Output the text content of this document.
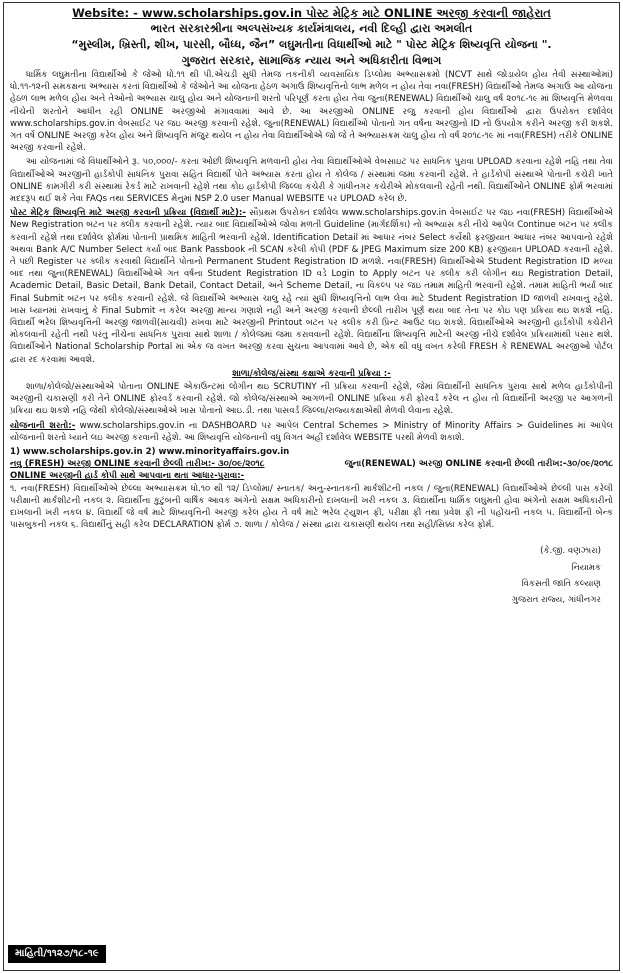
Website: - www.scholarships.gov.in પોસ્ટ મેટ્રિક માટે ONLINE અરજી કરવાની જાહેરાત
ભારત સરકારશ્રીના અલ્પસંખ્યક કાર્યમંત્રાલય, નવી દિલ્હી દ્વારા અમલીત
“મુસ્લીમ, ખ્રિસ્તી, શીખ, પારસી, બૌધ્ધ, જૈન” લઘુમતીના વિધાર્થીઓ માટે " પોસ્ટ મેટ્રિક શિષ્યવૃત્તિ યોજના ".
ગુજરાત સરકાર, સામાજિક ન્યાય અને અધિકારીતા વિભાગ

ધાર્મિક લઘુમતીના વિદ્યાર્થીઓ કે જેઓ ધો.૧૧ થી પી.એચડી સુધી તેમજ તકનીકી વ્યવસાયિક ડિપ્લોમા અભ્યાસક્રમો (NCVT સાથે જોડાયેલ હોય તેવી સંસ્થાઓમાં) ધો.૧૧-૧૨ની સમકક્ષના અભ્યાસ કરતાં વિદ્યાર્થીઓ કે જેઓને આ યોજના હેઠળ અગાઉ શિષ્યવૃત્તિનો લાભ મળેલ ન હોય તેવા નવા(FRESH) વિદ્યાર્થીઓ તેમજ અગાઉ આ યોજના હેઠળ લાભ મળેલ હોય અને તેઓનો અભ્યાસ ચાલુ હોય અને યોજનાની શરતો પરિપૂર્ણ કરતા હોય તેવા જુના(RENEWAL) વિદ્યાર્થીઓ ચાલુ વર્ષ ૨૦૧૮-૧૯ માં શિષ્યવૃત્તિ મેળવવા નીચેની શરતોને આધીન રહી ONLINE અરજીઓ મંગાવવામાં આવે છે. આ અરજીઓ ONLINE રજુ કરવાની હોય વિદ્યાર્થીઓ દ્વારા ઉપરોક્ત દર્શાવેલ www.scholarships.gov.in વેબસાઈટ પર જઇ અરજી કરવાની રહેશે. જુના(RENEWAL) વિદ્યાર્થીઓ પોતાનો ગત વર્ષના અરજીનો ID નો ઉપયોગ કરીને અરજી કરી શકશે. ગત વર્ષે ONLINE અરજી કરેલ હોય અને શિષ્યવૃત્તિ મંજુર થયેલ ન હોય તેવા વિદ્યાર્થીઓએ જો જે તે અભ્યાસક્રમ ચાલુ હોય તો વર્ષ ૨૦૧૮-૧૯ માં નવા(FRESH) તરીકે ONLINE અરજી કરવાની રહેશે.

આ યોજનામાં જે વિધાર્થીઓને રૂ. ૫૦,૦૦૦/- કરતા ઓછી શિષ્યવૃત્તિ મળવાની હોય તેવા વિદ્યાર્થીઓએ વેબસાઇટ પર સાધનિક પુરાવા UPLOAD કરવાના રહેશે નહિ તથા તેવા વિદ્યાર્થીઓએ અરજીની હાર્ડકોપી સાધનિક પુરાવા સહિત વિદ્યાર્થી પોતે અભ્યાસ કરતા હોય તે કોલેજ / સંસ્થામાં જમા કરવાની રહેશે. તે હાર્ડકોપી સંસ્થાએ પોતાની કચેરી ખાતે ONLINE કામગીરી કરી સંસ્થામાં રેકર્ડ માટે રાખવાની રહેશે તથા કોઇ હાર્ડકોપી જિલ્લા કચેરી કે ગાંધીનગર કચેરીએ મોકલવાની રહેતી નથી. વિદ્યાર્થીઓને ONLINE ફોર્મ ભરવામાં મદદરૂપ થઈ શકે તેવા FAQs તથા SERVICES મેનુમાં NSP 2.0 user Manual WEBSITE પર UPLOAD કરેલ છે.

પોસ્ટ મેટ્રિક શિષ્યવૃત્તિ માટે અરજી કરવાની પ્રક્રિયા (વિદ્યાર્થી માટે):- સૌપ્રથમ ઉપરોક્ત દર્શાવેલ www.scholarships.gov.in વેબસાઈટ પર જઇ નવા(FRESH) વિદ્યાર્થીઓએ New Registration બટન પર ક્લીક કરવાની રહેશે. ત્યાર બાદ વિદ્યાર્થીઓએ જોવા મળતી Guideline (માર્ગદર્શિકા) નો અભ્યાસ કરી નીચે આપેલ Continue બટન પર ક્લીક કરવાની રહેશે તથા દર્શાવેલ ફોર્મમાં પોતાની પ્રાથમિક માહિતી ભરવાની રહેશે. Identification Detail માં આધાર નંબર Select કર્યેથી ફરજીયાત આધાર નંબર આપવાનો રહેશે અથવા Bank A/C Number Select કર્યા બાદ Bank Passbook ની SCAN કરેલી કોપી (PDF & JPEG Maximum size 200 KB) ફરજીયાત UPLOAD કરવાની રહેશે. તે પછી Register પર ક્લીક કરવાથી વિદ્યાર્થીને પોતાનો Permanent Student Registration ID મળશે. નવા(FRESH) વિદ્યાર્થીઓએ Student Registration ID મળ્યા બાદ તથા જુના(RENEWAL) વિદ્યાર્થીઓએ ગત વર્ષના Student Registration ID વડે Login to Apply બટન પર ક્લીક કરી લોગીન થઇ Registration Detail, Academic Detail, Basic Detail, Bank Detail, Contact Detail, અને Scheme Detail, ના વિકલ્પ પર જઇ તમામ માહિતી ભરવાની રહેશે. તમામ માહિતી ભર્યા બાદ Final Submit બટન પર ક્લીક કરવાની રહેશે. જે વિદ્યાર્થીએ અભ્યાસ ચાલુ રહે ત્યાં સુધી શિષ્યવૃત્તિનો લાભ લેવા માટે Student Registration ID જાળવી રાખવાનું રહેશે. ખાસ ધ્યાનમાં રાખવાનું કે Final Submit ન કરેલ અરજી માન્ય ગણાશે નહી અને અરજી કરવાની છેલ્લી તારીખ પૂર્ણ થયા બાદ તેના પર કોઇ પણ પ્રક્રિયા થઇ શકશે નહિ. વિદ્યાર્થી ભરેલ શિષ્યવૃત્તિની અરજી જાળવી(સાચવી) રાખવા માટે અરજીની Printout બટન પર ક્લીક કરી પ્રિન્ટ આઉટ લઇ શકશે. વિદ્યાર્થીઓએ અરજીની હાર્ડકોપી કચેરીને મોકલવાની રહેતી નથી પરંતુ નીચેના સાધનિક પુરાવા સાથે શાળા / કોલેજમાં જમા કરાવવાની રહેશે. વિદ્યાર્થીના શિષ્યવૃત્તિ માટેની અરજી નીચે દર્શાવેલ પ્રક્રિયામાંથી પસાર થશે. વિદ્યાર્થીઓને National Scholarship Portal માં એક જ વખત અરજી કરવા સુચના આપવામાં આવે છે, એક થી વધુ વખત કરેલી FRESH કે RENEWAL અરજીઓ પોર્ટલ દ્વારા રદ કરવામાં આવશે.

શાળા/કોલેજ/સંસ્થા કક્ષાએ કરવાની પ્રક્રિયા :-

શાળા/કોલેજો/સંસ્થાઓએ પોતાના ONLINE એકાઉન્ટમાં લોગીન થઇ SCRUTINY ની પ્રક્રિયા કરવાની રહેશે, જેમાં વિદ્યાર્થીની સાધનિક પુરાવા સાથે મળેલ હાર્ડકોપીની અરજીની ચકાસણી કરી તેને ONLINE ફોરવર્ડ કરવાની રહેશે. જો કોલેજ/સંસ્થાએ આગળની ONLINE પ્રક્રિયા કરી ફોરવર્ડ કરેલ ન હોય તો વિદ્યાર્થીની અરજી પર આગળની પ્રક્રિયા થઇ શકશે નહિ જેથી કોલેજો/સંસ્થાઓએ ખાસ પોતાનો આઇ.ડી. તથા પાસવર્ડ જિલ્લા/રાજ્યકક્ષાએથી મેળવી લેવાના રહેશે.

યોજનાની શરતો:- www.scholarships.gov.in ના DASHBOARD પર આપેલ Central Schemes > Ministry of Minority Affairs > Guidelines માં આપેલ યોજનાની શરતો ધ્યાને લઇ અરજી કરવાની રહેશે. આ શિષ્યવૃત્તિ યોજનાની વધુ વિગત અહીં દર્શાવેલ WEBSITE પરથી મેળવી શકાશે.

1) www.scholarships.gov.in 2) www.minorityaffairs.gov.in
નવુ (FRESH) અરજી ONLINE કરવાની છેલ્લી તારીખ:- ૩૦/૦૯/૨૦૧૮	જુના(RENEWAL) અરજી ONLINE કરવાની છેલ્લી તારીખ:-૩૦/૦૯/૨૦૧૮
ONLINE અરજીની હાર્ડ કોપી સાથે આપવાના થતા આધાર-પુરાવા:-

૧. નવા(FRESH) વિદ્યાર્થીઓએ છેલ્લા અભ્યાસક્રમ ધો.૧૦ થી ૧૨/ ડિપ્લોમા/ સ્નાતક/ અનુ-સ્નાતકની માર્કશીટની નકલ / જુના(RENEWAL) વિદ્યાર્થીઓએ છેલ્લી પાસ કરેલી પરીક્ષાની માર્કશીટની નકલ ૨. વિદ્યાર્થીના કુટુંબની વાર્ષિક આવક અંગેનો સક્ષમ અધિકારીનો દાખલાની ખરી નકલ ૩. વિદ્યાર્થીના ધાર્મિક લઘુમતી હોવા અંગેનો સક્ષમ અધિકારીનો દાખલાની ખરી નકલ ૪. વિદ્યાર્થી જે વર્ષ માટે શિષ્યવૃત્તિની અરજી કરેલ હોય તે વર્ષ માટે ભરેલ ટ્યુશન ફી, પરીક્ષા ફી તથા પ્રવેશ ફી ની પહોંચની નકલ ૫. વિદ્યાર્થીની બેન્ક પાસબુકની નકલ ૬. વિદ્યાર્થીનું સહી કરેલ DECLARATION ફોર્મ ૭. શાળા / કોલેજ / સંસ્થા દ્વારા ચકાસણી થયેલ તથા સહી/સિક્કા કરેલ ફોર્મ.

(કે.જી. વણઝારા)
નિયામક
વિકસતી જાતિ કલ્યાણ
ગુજરાત રાજ્ય, ગાંધીનગર
માહિતી/૧૧૨૭/૧૮-૧૯
